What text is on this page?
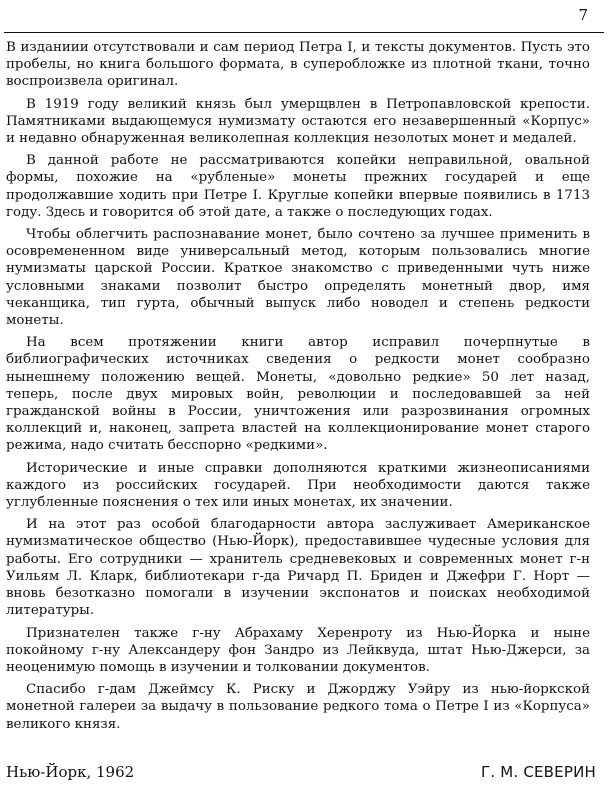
7

В изданиии отсутствовали и сам период Петра I, и тексты документов. Пусть это пробелы, но книга большого формата, в суперобложке из плотной ткани, точно воспроизвела оригинал.

В 1919 году великий князь был умерщвлен в Петропавловской крепости. Памятниками выдающемуся нумизмату остаются его незавершенный «Корпус» и недавно обнаруженная великолепная коллекция незолотых монет и медалей.

В данной работе не рассматриваются копейки неправильной, овальной формы, похожие на «рубленые» монеты прежних государей и еще продолжавшие ходить при Петре I. Круглые копейки впервые появились в 1713 году. Здесь и говорится об этой дате, а также о последующих годах.

Чтобы облегчить распознавание монет, было сочтено за лучшее применить в осовремененном виде универсальный метод, которым пользовались многие нумизматы царской России. Краткое знакомство с приведенными чуть ниже условными знаками позволит быстро определять монетный двор, имя чеканщика, тип гурта, обычный выпуск либо новодел и степень редкости монеты.

На всем протяжении книги автор исправил почерпнутые в библиографических источниках сведения о редкости монет сообразно нынешнему положению вещей. Монеты, «довольно редкие» 50 лет назад, теперь, после двух мировых войн, революции и последовавшей за ней гражданской войны в России, уничтожения или разрозвинания огромных коллекций и, наконец, запрета властей на коллекционирование монет старого режима, надо считать бесспорно «редкими».

Исторические и иные справки дополняются краткими жизнеописаниями каждого из российских государей. При необходимости даются также углубленные пояснения о тех или иных монетах, их значении.

И на этот раз особой благодарности автора заслуживает Американское нумизматическое общество (Нью-Йорк), предоставившее чудесные условия для работы. Его сотрудники — хранитель средневековых и современных монет г-н Уильям Л. Кларк, библиотекари г-да Ричард П. Бриден и Джефри Г. Норт — вновь безотказно помогали в изучении экспонатов и поисках необходимой литературы.

Признателен также г-ну Абрахаму Херенроту из Нью-Йорка и ныне покойному г-ну Александеру фон Зандро из Лейквуда, штат Нью-Джерси, за неоценимую помощь в изучении и толковании документов.

Спасибо г-дам Джеймсу К. Риску и Джорджу Уэйру из нью-йоркской монетной галереи за выдачу в пользование редкого тома о Петре I из «Корпуса» великого князя.

Нью-Йорк, 1962	Г. М. СЕВЕРИН
